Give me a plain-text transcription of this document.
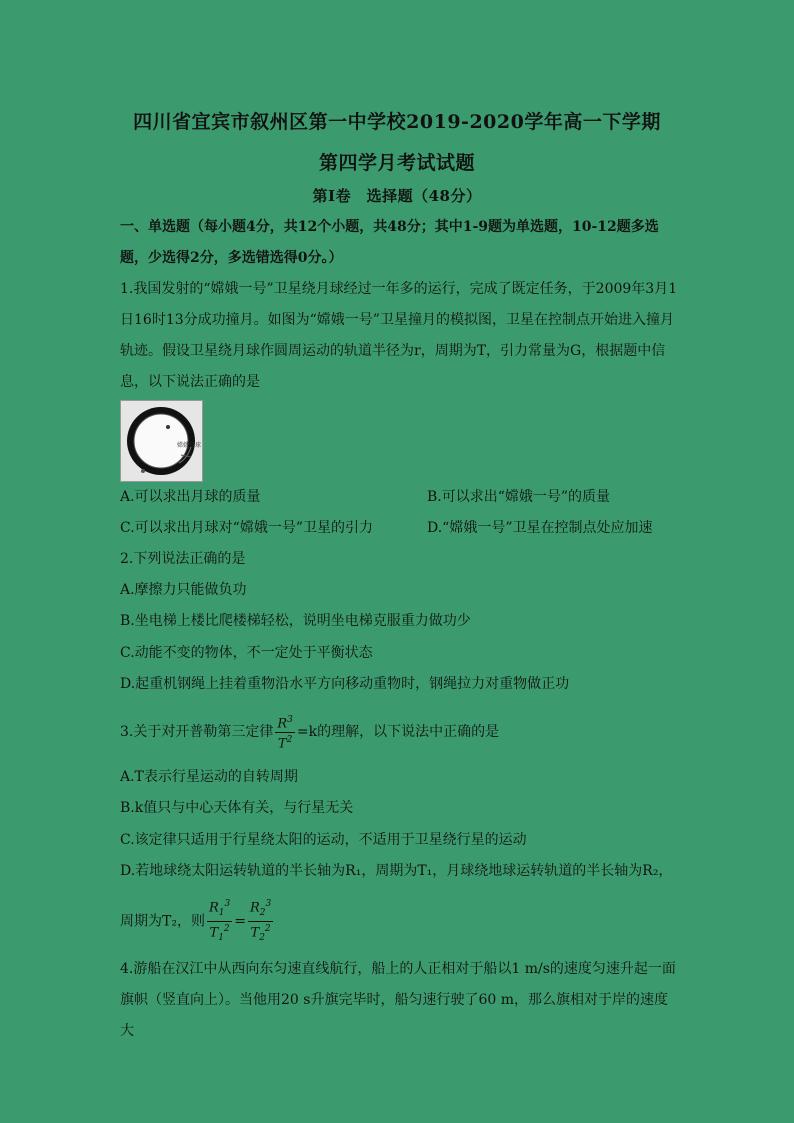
四川省宜宾市叙州区第一中学校2019-2020学年高一下学期
第四学月考试试题
第Ⅰ卷　选择题（48分）
一、单选题（每小题4分，共12个小题，共48分；其中1-9题为单选题，10-12题多选题，少选得2分，多选错选得0分。）
1.我国发射的“嫦娥一号”卫星绕月球经过一年多的运行，完成了既定任务，于2009年3月1日16时13分成功撞月。如图为“嫦娥一号”卫星撞月的模拟图，卫星在控制点开始进入撞月轨迹。假设卫星绕月球作圆周运动的轨道半径为r，周期为T，引力常量为G，根据题中信息，以下说法正确的是
嫦娥月球
A.可以求出月球的质量	B.可以求出“嫦娥一号”的质量
C.可以求出月球对“嫦娥一号”卫星的引力	D.“嫦娥一号”卫星在控制点处应加速
2.下列说法正确的是
A.摩擦力只能做负功
B.坐电梯上楼比爬楼梯轻松，说明坐电梯克服重力做功少
C.动能不变的物体，不一定处于平衡状态
D.起重机钢绳上挂着重物沿水平方向移动重物时，钢绳拉力对重物做正功
3.关于对开普勒第三定律 $\frac{R^3}{T^2} =k$的理解，以下说法中正确的是
A.T表示行星运动的自转周期
B.k值只与中心天体有关，与行星无关
C.该定律只适用于行星绕太阳的运动，不适用于卫星绕行星的运动
D.若地球绕太阳运转轨道的半长轴为R₁，周期为T₁，月球绕地球运转轨道的半长轴为R₂，
周期为T₂，则 $\frac{R_1^3}{T_1^2} = \frac{R_2^3}{T_2^2}$
4.游船在汉江中从西向东匀速直线航行，船上的人正相对于船以1 m/s的速度匀速升起一面旗帜（竖直向上）。当他用20 s升旗完毕时，船匀速行驶了60 m，那么旗相对于岸的速度大
